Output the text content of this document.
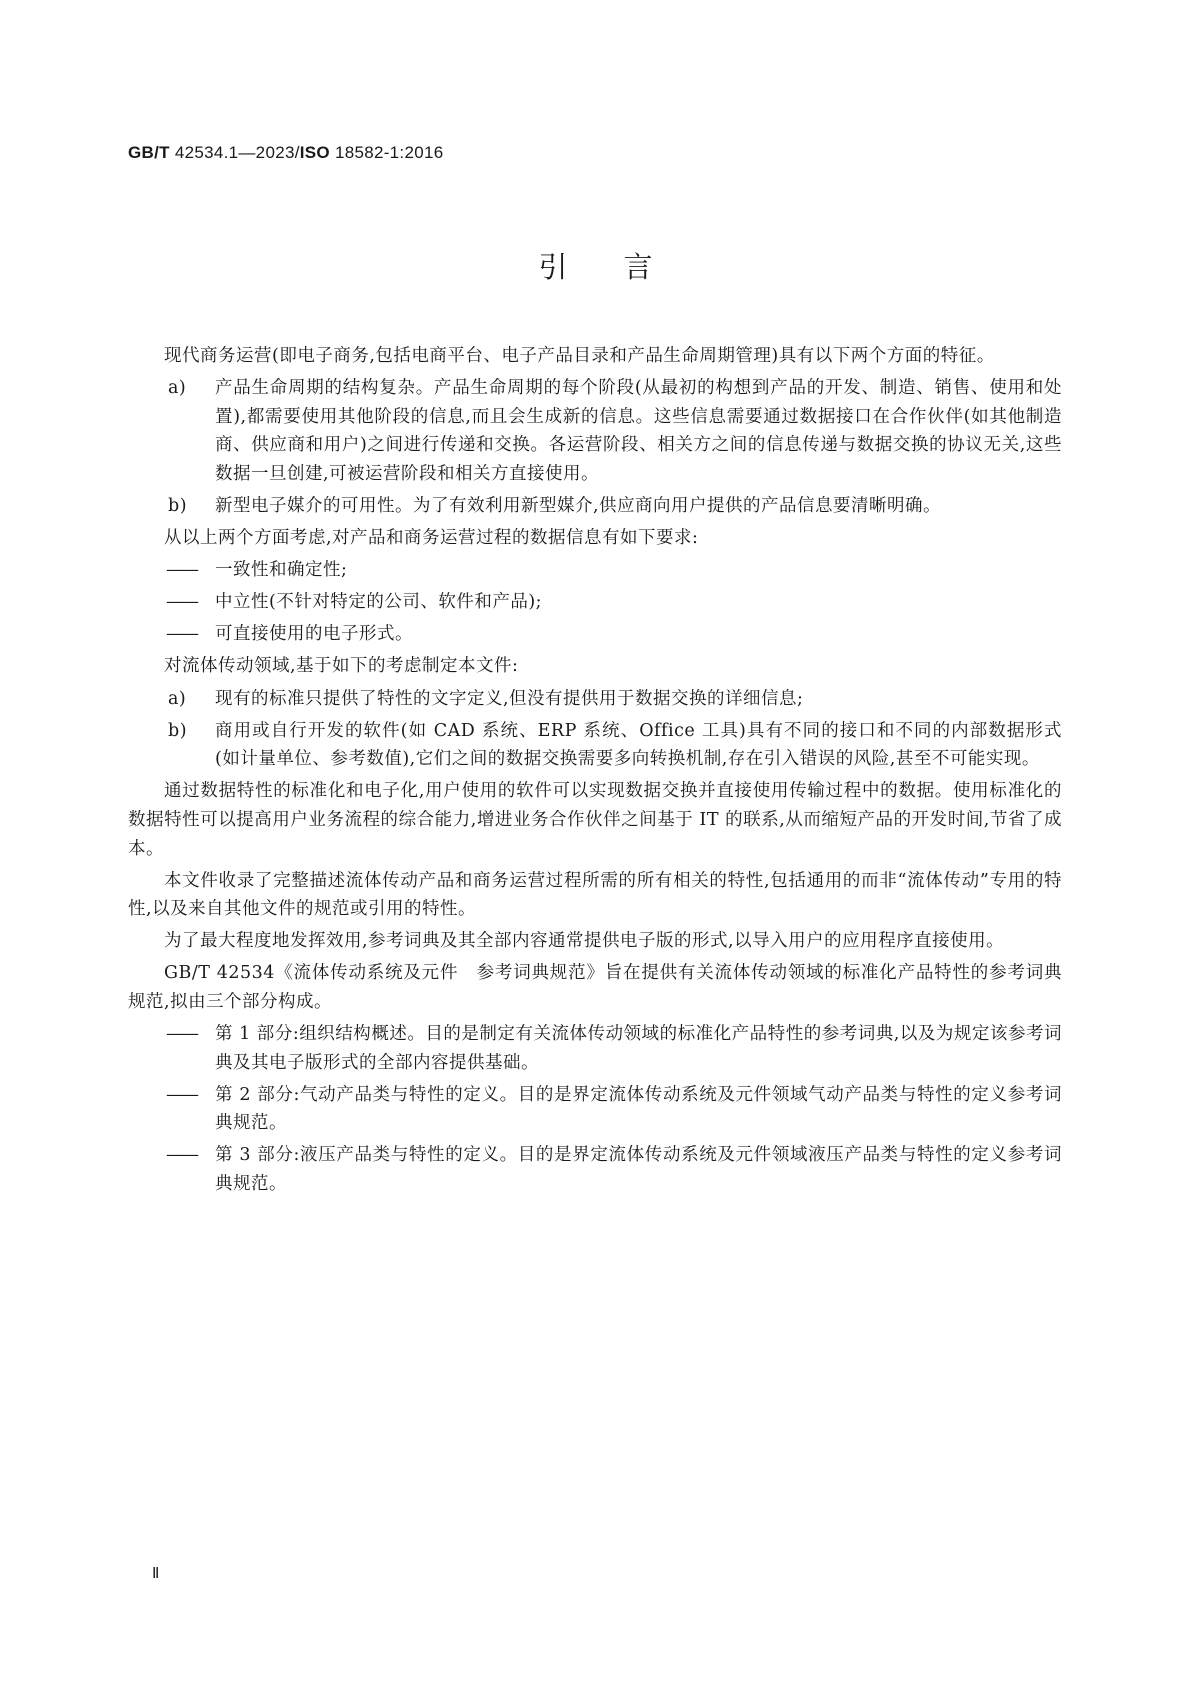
GB/T 42534.1—2023/ISO 18582-1:2016
引言

现代商务运营(即电子商务,包括电商平台、电子产品目录和产品生命周期管理)具有以下两个方面的特征。

a) 产品生命周期的结构复杂。产品生命周期的每个阶段(从最初的构想到产品的开发、制造、销售、使用和处置),都需要使用其他阶段的信息,而且会生成新的信息。这些信息需要通过数据接口在合作伙伴(如其他制造商、供应商和用户)之间进行传递和交换。各运营阶段、相关方之间的信息传递与数据交换的协议无关,这些数据一旦创建,可被运营阶段和相关方直接使用。
b) 新型电子媒介的可用性。为了有效利用新型媒介,供应商向用户提供的产品信息要清晰明确。

从以上两个方面考虑,对产品和商务运营过程的数据信息有如下要求:

—— 一致性和确定性;
—— 中立性(不针对特定的公司、软件和产品);
—— 可直接使用的电子形式。

对流体传动领域,基于如下的考虑制定本文件:

a) 现有的标准只提供了特性的文字定义,但没有提供用于数据交换的详细信息;
b) 商用或自行开发的软件(如 CAD 系统、ERP 系统、Office 工具)具有不同的接口和不同的内部数据形式(如计量单位、参考数值),它们之间的数据交换需要多向转换机制,存在引入错误的风险,甚至不可能实现。

通过数据特性的标准化和电子化,用户使用的软件可以实现数据交换并直接使用传输过程中的数据。使用标准化的数据特性可以提高用户业务流程的综合能力,增进业务合作伙伴之间基于 IT 的联系,从而缩短产品的开发时间,节省了成本。

本文件收录了完整描述流体传动产品和商务运营过程所需的所有相关的特性,包括通用的而非“流体传动”专用的特性,以及来自其他文件的规范或引用的特性。

为了最大程度地发挥效用,参考词典及其全部内容通常提供电子版的形式,以导入用户的应用程序直接使用。

GB/T 42534《流体传动系统及元件　参考词典规范》旨在提供有关流体传动领域的标准化产品特性的参考词典规范,拟由三个部分构成。

—— 第 1 部分:组织结构概述。目的是制定有关流体传动领域的标准化产品特性的参考词典,以及为规定该参考词典及其电子版形式的全部内容提供基础。
—— 第 2 部分:气动产品类与特性的定义。目的是界定流体传动系统及元件领域气动产品类与特性的定义参考词典规范。
—— 第 3 部分:液压产品类与特性的定义。目的是界定流体传动系统及元件领域液压产品类与特性的定义参考词典规范。
Ⅱ
